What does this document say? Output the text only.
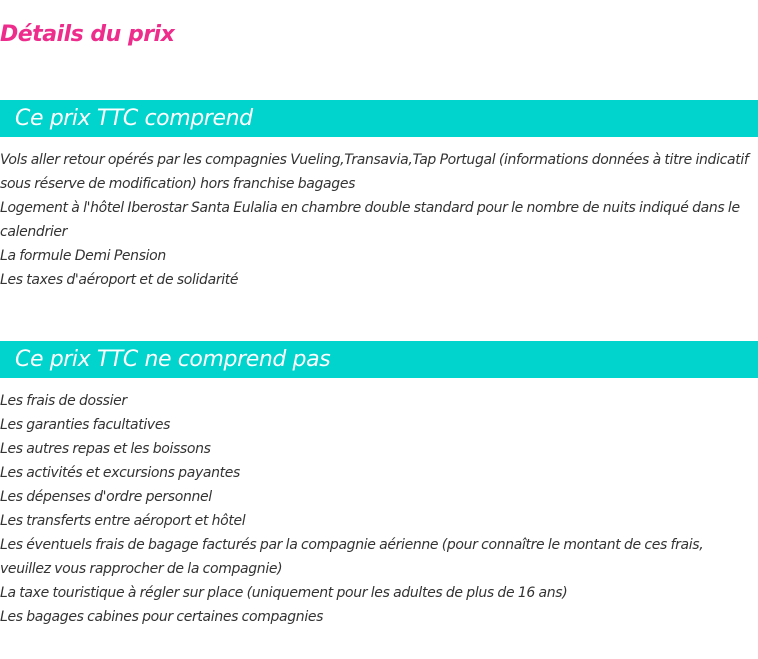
Détails du prix
Ce prix TTC comprend
Vols aller retour opérés par les compagnies Vueling,Transavia,Tap Portugal (informations données à titre indicatif sous réserve de modification) hors franchise bagages
Logement à l'hôtel Iberostar Santa Eulalia en chambre double standard pour le nombre de nuits indiqué dans le calendrier
La formule Demi Pension
Les taxes d'aéroport et de solidarité
Ce prix TTC ne comprend pas
Les frais de dossier
Les garanties facultatives
Les autres repas et les boissons
Les activités et excursions payantes
Les dépenses d'ordre personnel
Les transferts entre aéroport et hôtel
Les éventuels frais de bagage facturés par la compagnie aérienne (pour connaître le montant de ces frais, veuillez vous rapprocher de la compagnie)
La taxe touristique à régler sur place (uniquement pour les adultes de plus de 16 ans)
Les bagages cabines pour certaines compagnies
